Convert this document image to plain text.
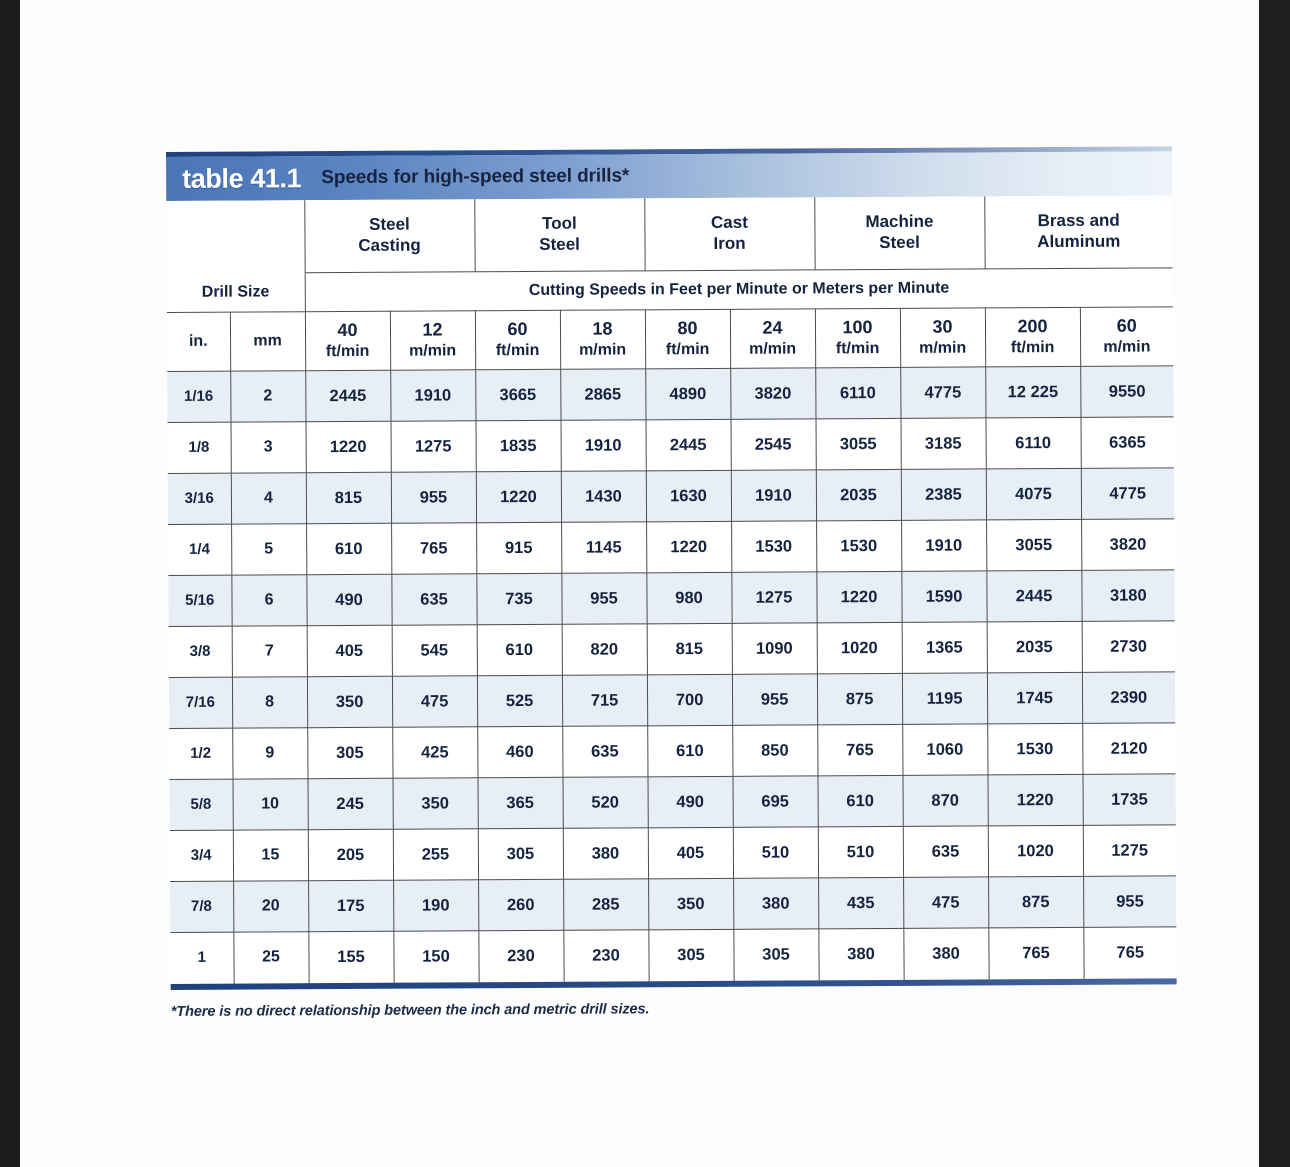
table 41.1 Speeds for high-speed steel drills*

Steel
Casting

Tool
Steel

Cast
Iron

Machine
Steel

Brass and
Aluminum

Drill Size		Cutting Speeds in Feet per Minute or Meters per Minute									
in.	mm	
40
ft/min

12
m/min

60
ft/min

18
m/min

80
ft/min

24
m/min

100
ft/min

30
m/min

200
ft/min

60
m/min

1/16	2	2445	1910	3665	2865	4890	3820	6110	4775	12 225	9550
1/8	3	1220	1275	1835	1910	2445	2545	3055	3185	6110	6365
3/16	4	815	955	1220	1430	1630	1910	2035	2385	4075	4775
1/4	5	610	765	915	1145	1220	1530	1530	1910	3055	3820
5/16	6	490	635	735	955	980	1275	1220	1590	2445	3180
3/8	7	405	545	610	820	815	1090	1020	1365	2035	2730
7/16	8	350	475	525	715	700	955	875	1195	1745	2390
1/2	9	305	425	460	635	610	850	765	1060	1530	2120
5/8	10	245	350	365	520	490	695	610	870	1220	1735
3/4	15	205	255	305	380	405	510	510	635	1020	1275
7/8	20	175	190	260	285	350	380	435	475	875	955
1	25	155	150	230	230	305	305	380	380	765	765
*There is no direct relationship between the inch and metric drill sizes.
